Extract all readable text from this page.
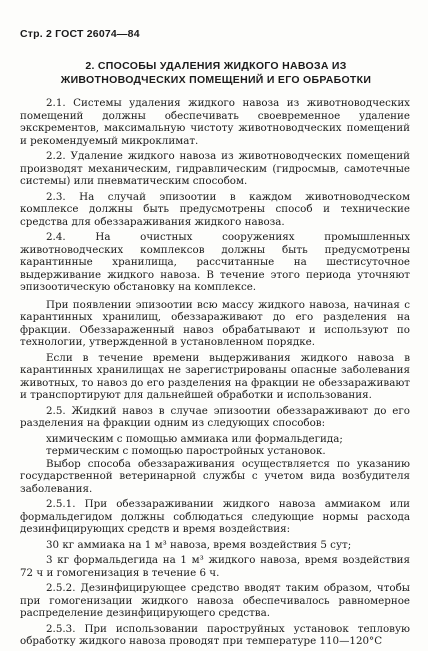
Стр. 2 ГОСТ 26074—84
2. СПОСОБЫ УДАЛЕНИЯ ЖИДКОГО НАВОЗА ИЗ ЖИВОТНОВОДЧЕСКИХ ПОМЕЩЕНИЙ И ЕГО ОБРАБОТКИ

2.1. Системы удаления жидкого навоза из животноводческих помещений должны обеспечивать своевременное удаление экскрементов, максимальную чистоту животноводческих помещений и рекомендуемый микроклимат.

2.2. Удаление жидкого навоза из животноводческих помещений производят механическим, гидравлическим (гидросмыв, самотечные системы) или пневматическим способом.

2.3. На случай эпизоотии в каждом животноводческом комплексе должны быть предусмотрены способ и технические средства для обеззараживания жидкого навоза.

2.4. На очистных сооружениях промышленных животноводческих комплексов должны быть предусмотрены карантинные хранилища, рассчитанные на шестисуточное выдерживание жидкого навоза. В течение этого периода уточняют эпизоотическую обстановку на комплексе.

При появлении эпизоотии всю массу жидкого навоза, начиная с карантинных хранилищ, обеззараживают до его разделения на фракции. Обеззараженный навоз обрабатывают и используют по технологии, утвержденной в установленном порядке.

Если в течение времени выдерживания жидкого навоза в карантинных хранилищах не зарегистрированы опасные заболевания животных, то навоз до его разделения на фракции не обеззараживают и транспортируют для дальнейшей обработки и использования.

2.5. Жидкий навоз в случае эпизоотии обеззараживают до его разделения на фракции одним из следующих способов:

химическим с помощью аммиака или формальдегида;

термическим с помощью паростройных установок.

Выбор способа обеззараживания осуществляется по указанию государственной ветеринарной службы с учетом вида возбудителя заболевания.

2.5.1. При обеззараживании жидкого навоза аммиаком или формальдегидом должны соблюдаться следующие нормы расхода дезинфицирующих средств и время воздействия:

30 кг аммиака на 1 м³ навоза, время воздействия 5 сут;

3 кг формальдегида на 1 м³ жидкого навоза, время воздействия 72 ч и гомогенизация в течение 6 ч.

2.5.2. Дезинфицирующее средство вводят таким образом, чтобы при гомогенизации жидкого навоза обеспечивалось равномерное распределение дезинфицирующего средства.

2.5.3. При использовании пароструйных установок тепловую обработку жидкого навоза проводят при температуре 110—120°С
